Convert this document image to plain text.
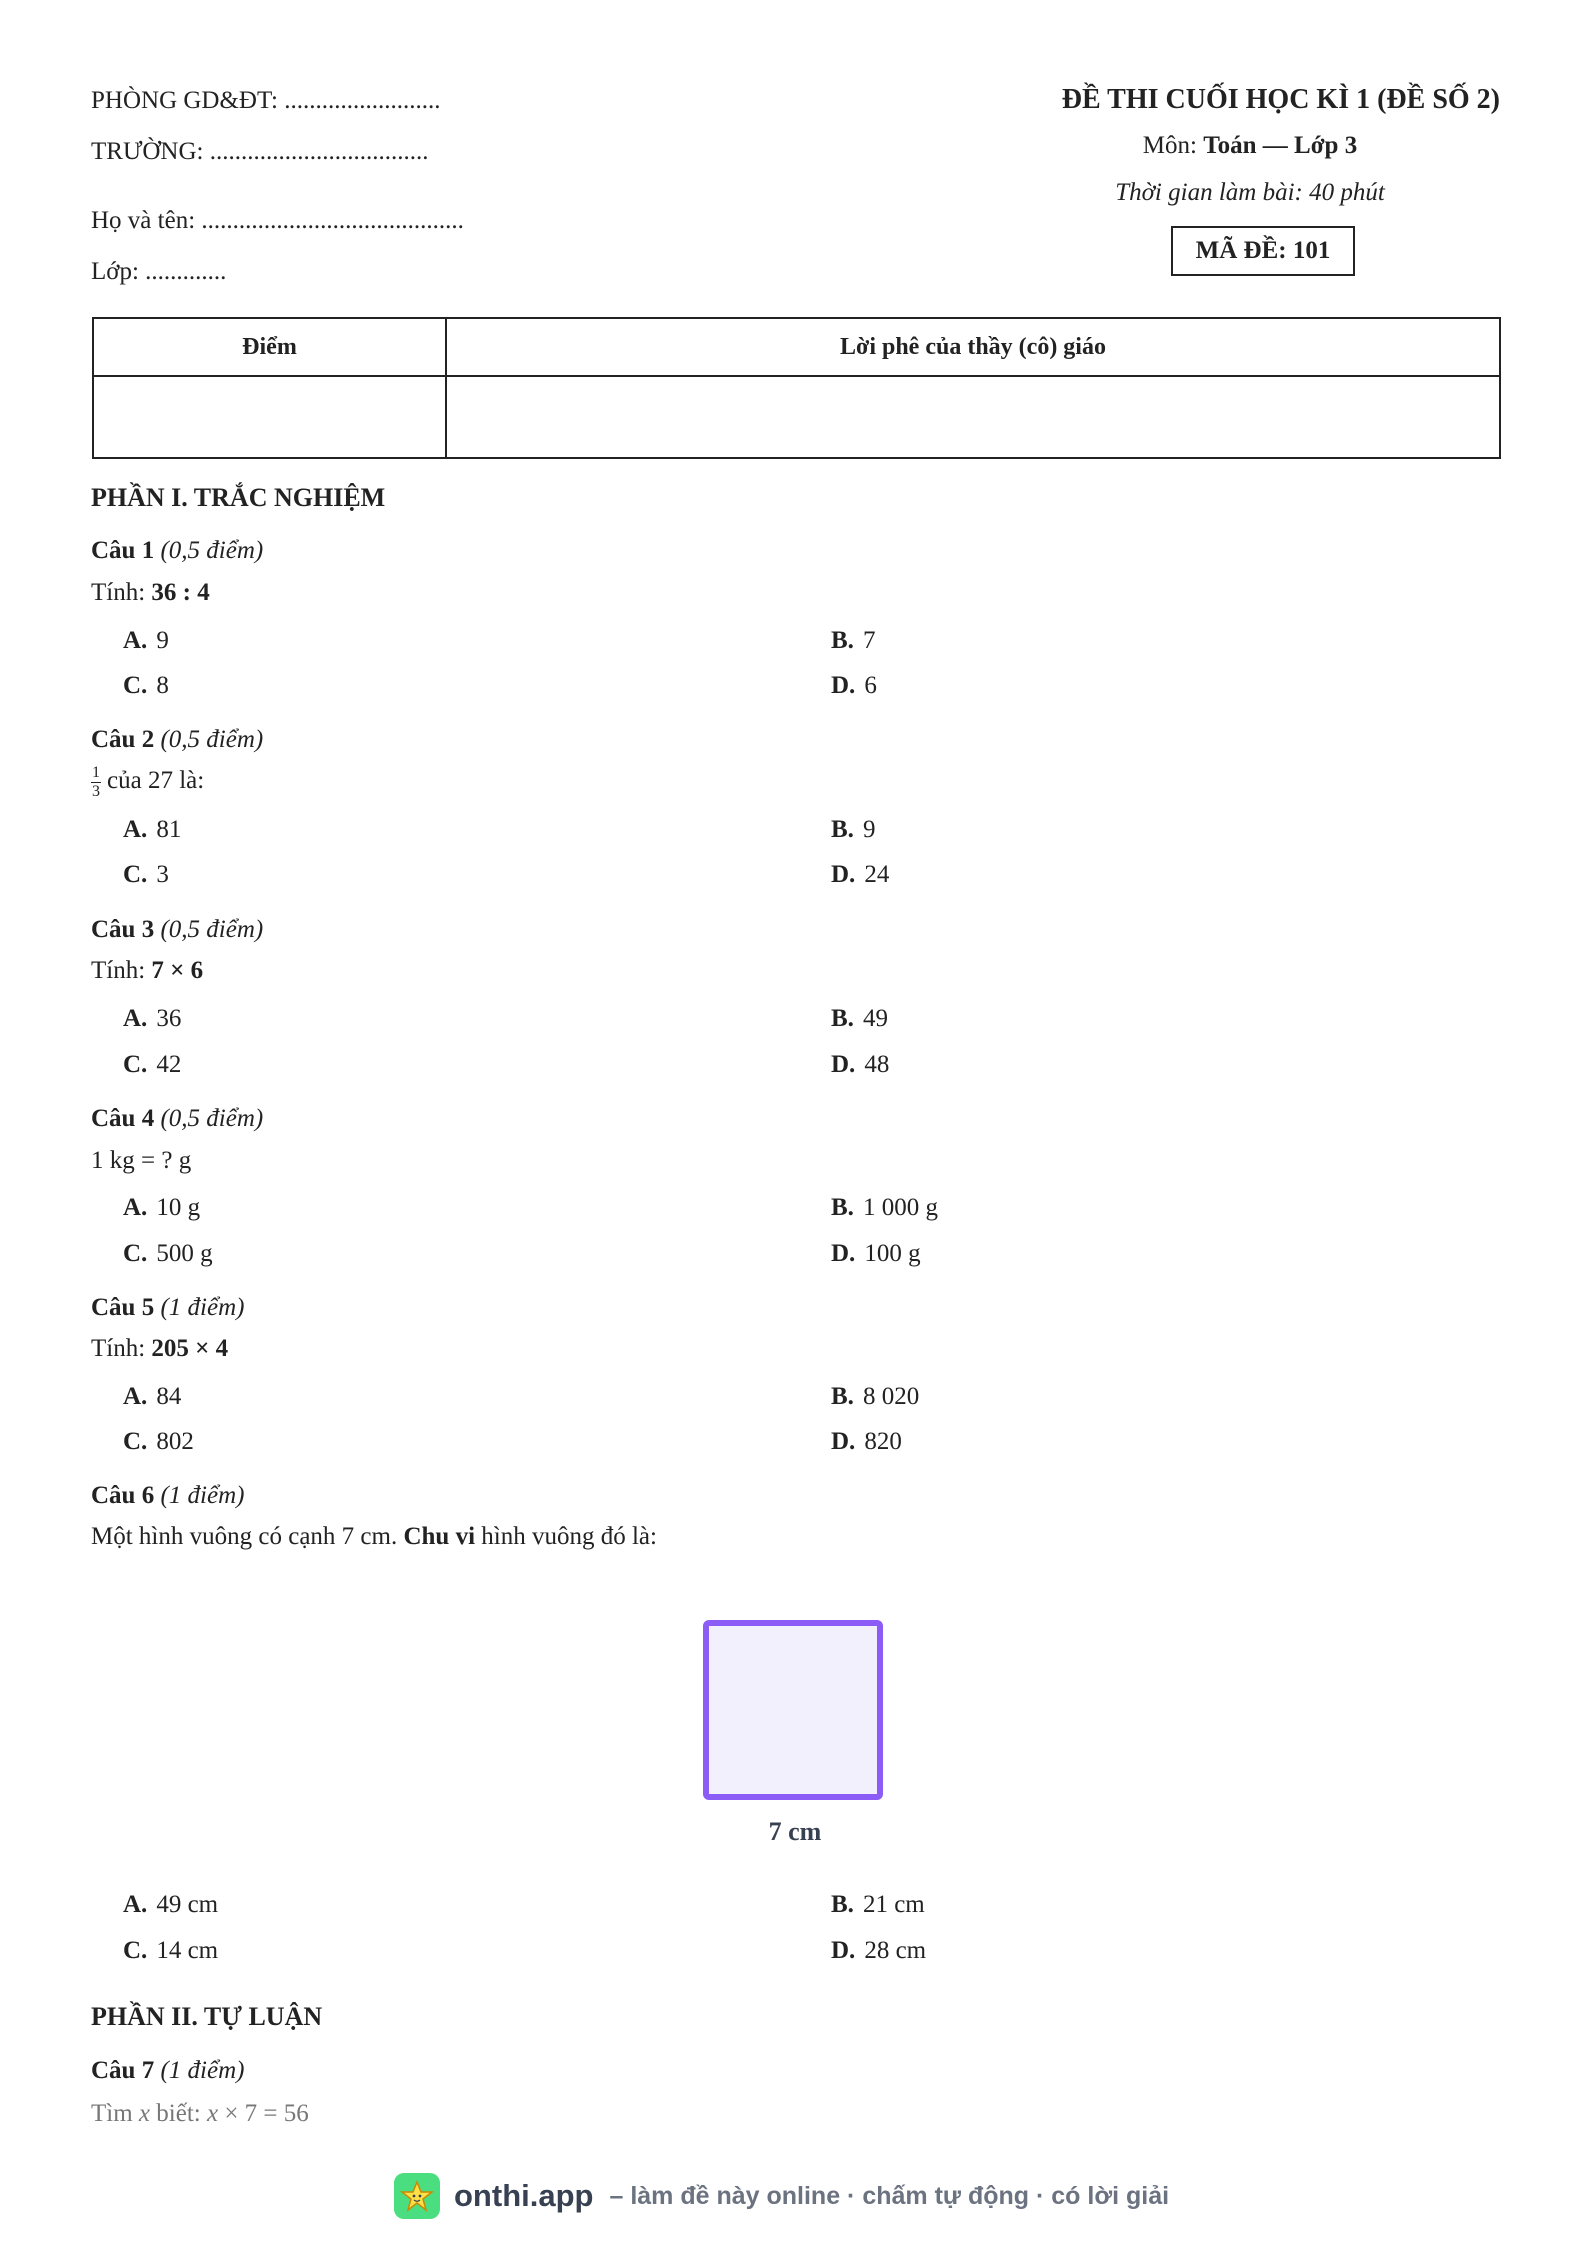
PHÒNG GD&ĐT: .........................
TRƯỜNG: ...................................
Họ và tên: ..........................................
Lớp: .............
ĐỀ THI CUỐI HỌC KÌ 1 (ĐỀ SỐ 2)
Môn: Toán — Lớp 3
Thời gian làm bài: 40 phút
MÃ ĐỀ: 101
Điểm	Lời phê của thầy (cô) giáo

PHẦN I. TRẮC NGHIỆM
Câu 1 (0,5 điểm)
Tính: 36 : 4
A. 9	B. 7
C. 8	D. 6
Câu 2 (0,5 điểm)
$\frac{1}{3}$ của 27 là:
A. 81	B. 9
C. 3	D. 24
Câu 3 (0,5 điểm)
Tính: 7 × 6
A. 36	B. 49
C. 42	D. 48
Câu 4 (0,5 điểm)
1 kg = ? g
A. 10 g	B. 1 000 g
C. 500 g	D. 100 g
Câu 5 (1 điểm)
Tính: 205 × 4
A. 84	B. 8 020
C. 802	D. 820
Câu 6 (1 điểm)
Một hình vuông có cạnh 7 cm. Chu vi hình vuông đó là:
7 cm
A. 49 cm	B. 21 cm
C. 14 cm	D. 28 cm
PHẦN II. TỰ LUẬN
Câu 7 (1 điểm)
Tìm x biết: x × 7 = 56
onthi.app – làm đề này online · chấm tự động · có lời giải
